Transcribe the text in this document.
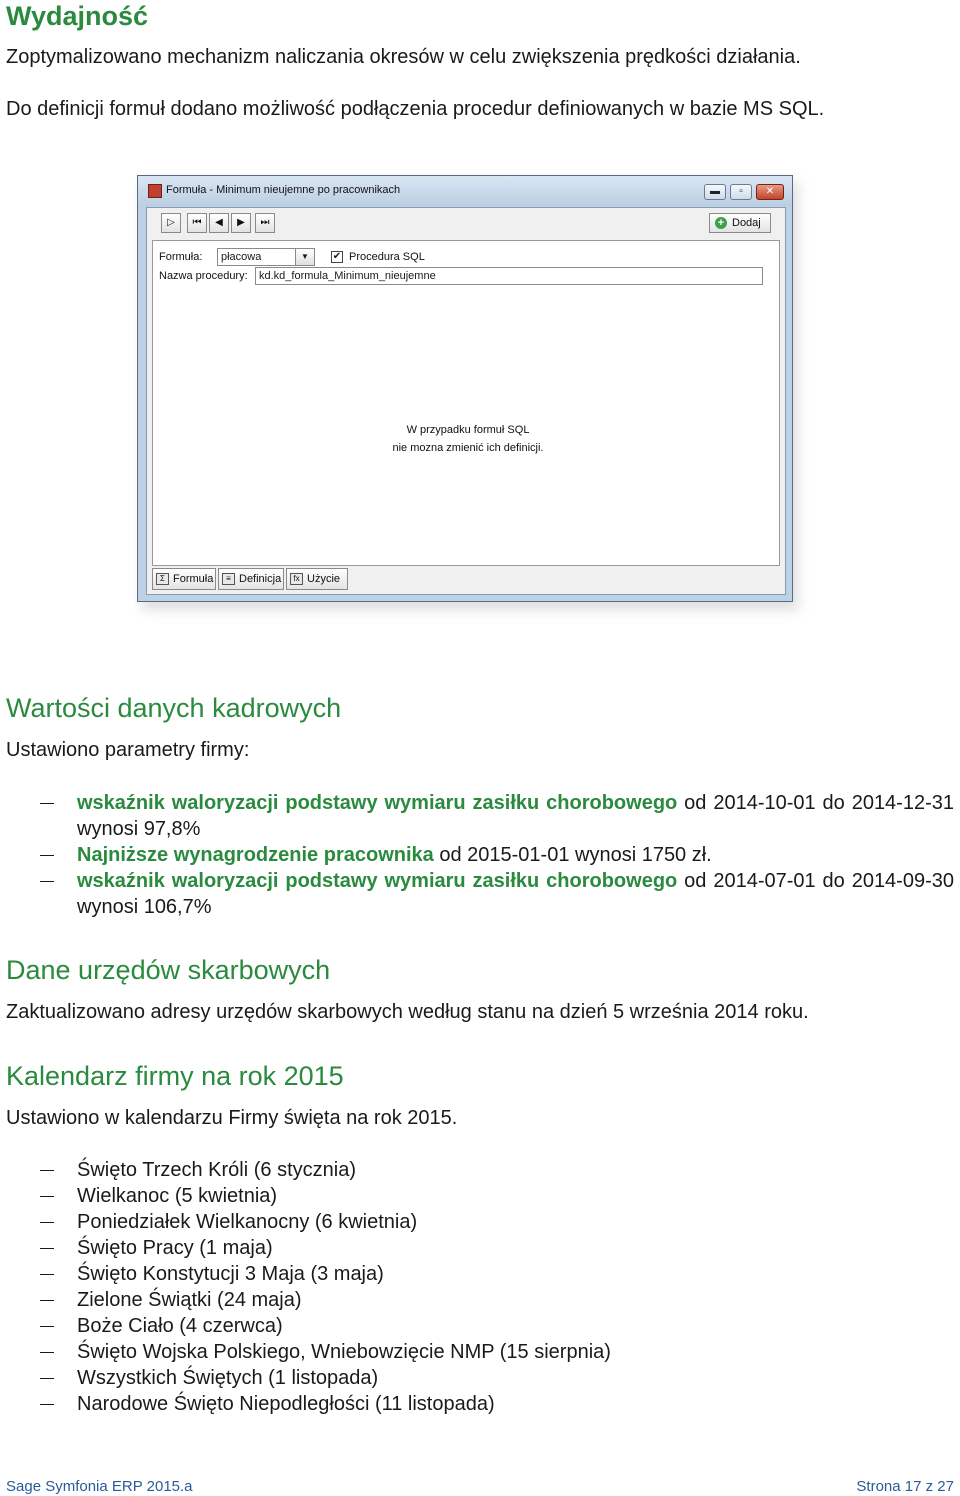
Wydajność

Zoptymalizowano mechanizm naliczania okresów w celu zwiększenia prędkości działania.

Do definicji formuł dodano możliwość podłączenia procedur definiowanych w bazie MS SQL.

Formuła - Minimum nieujemne po pracownikach	▬	▫	✕
▷	⏮	◀	▶	⏭	+ Dodaj
Formuła:	płacowa	▼	✔ Procedura SQL
Nazwa procedury:	kd.kd_formula_Minimum_nieujemne
W przypadku formuł SQL
nie mozna zmienić ich definicji.
Σ Formuła	≡ Definicja	fx Użycie
Wartości danych kadrowych

Ustawiono parametry firmy:

wskaźnik waloryzacji podstawy wymiaru zasiłku chorobowego od 2014-10-01 do 2014-12-31 wynosi 97,8%
Najniższe wynagrodzenie pracownika od 2015-01-01 wynosi 1750 zł.
wskaźnik waloryzacji podstawy wymiaru zasiłku chorobowego od 2014-07-01 do 2014-09-30 wynosi 106,7%
Dane urzędów skarbowych

Zaktualizowano adresy urzędów skarbowych według stanu na dzień 5 września 2014 roku.

Kalendarz firmy na rok 2015

Ustawiono w kalendarzu Firmy święta na rok 2015.

Święto Trzech Króli (6 stycznia)
Wielkanoc (5 kwietnia)
Poniedziałek Wielkanocny (6 kwietnia)
Święto Pracy (1 maja)
Święto Konstytucji 3 Maja (3 maja)
Zielone Świątki (24 maja)
Boże Ciało (4 czerwca)
Święto Wojska Polskiego, Wniebowzięcie NMP (15 sierpnia)
Wszystkich Świętych (1 listopada)
Narodowe Święto Niepodległości (11 listopada)
Sage Symfonia ERP 2015.a	Strona 17 z 27
